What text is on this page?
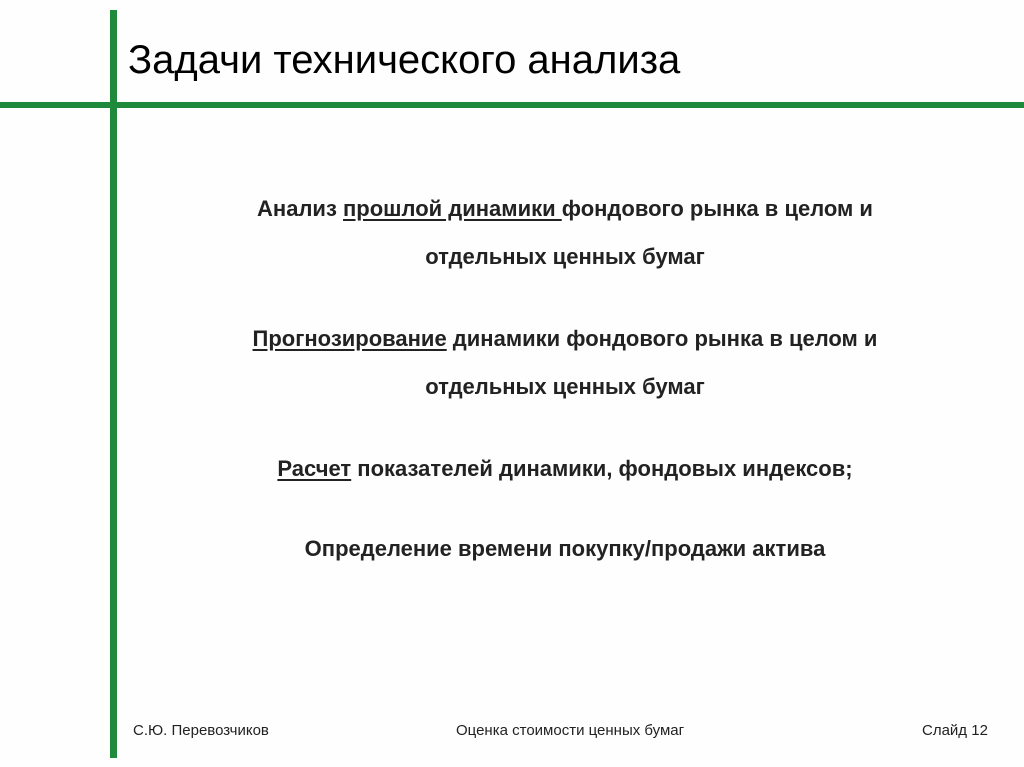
Задачи технического анализа
Анализ прошлой динамики фондового рынка в целом и
отдельных ценных бумаг
Прогнозирование динамики фондового рынка в целом и
отдельных ценных бумаг
Расчет показателей динамики, фондовых индексов;
Определение времени покупку/продажи актива
С.Ю. Перевозчиков	Оценка стоимости ценных бумаг	Слайд 12
